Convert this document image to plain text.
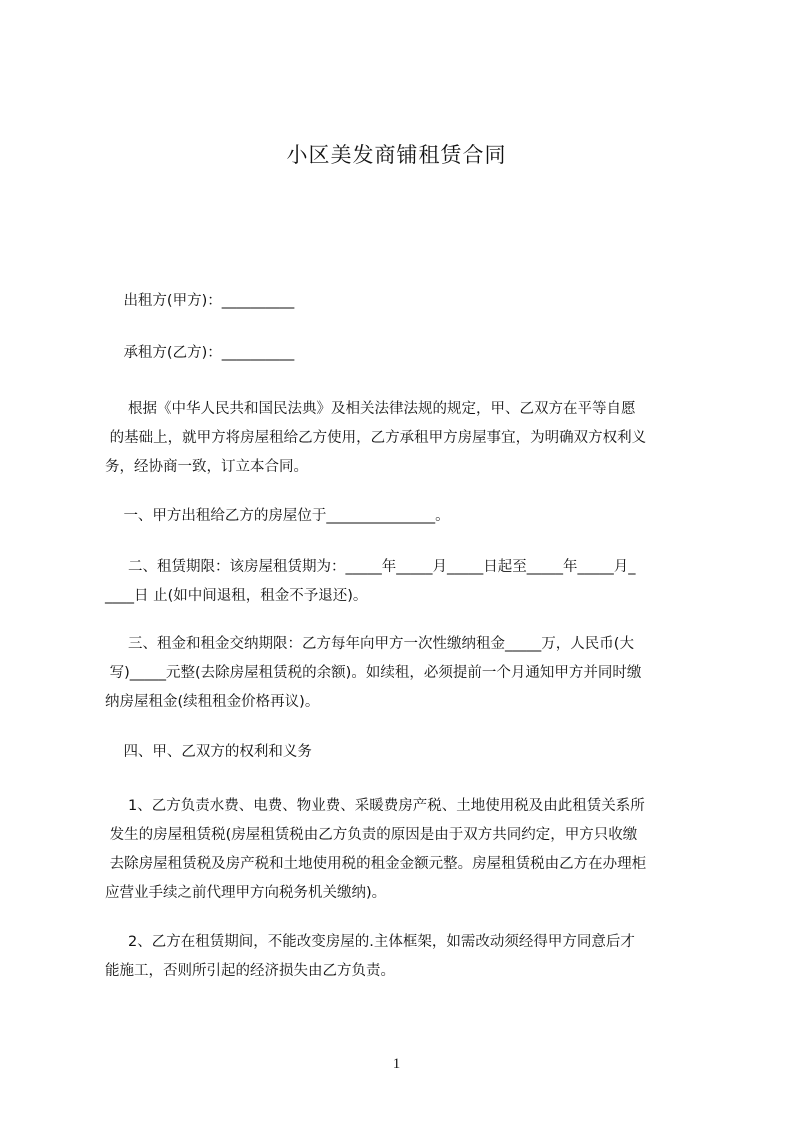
小区美发商铺租赁合同

出租方(甲方)：__________

承租方(乙方)：__________

根据《中华人民共和国民法典》及相关法律法规的规定，甲、乙双方在平等自愿
的基础上，就甲方将房屋租给乙方使用，乙方承租甲方房屋事宜，为明确双方权利义
务，经协商一致，订立本合同。

一、甲方出租给乙方的房屋位于_______________。

二、租赁期限：该房屋租赁期为：_____年_____月_____日起至_____年_____月_
____日 止(如中间退租，租金不予退还)。

三、租金和租金交纳期限：乙方每年向甲方一次性缴纳租金_____万，人民币(大
写)_____元整(去除房屋租赁税的余额)。如续租，必须提前一个月通知甲方并同时缴
纳房屋租金(续租租金价格再议)。

四、甲、乙双方的权利和义务

1、乙方负责水费、电费、物业费、采暖费房产税、土地使用税及由此租赁关系所
发生的房屋租赁税(房屋租赁税由乙方负责的原因是由于双方共同约定，甲方只收缴
去除房屋租赁税及房产税和土地使用税的租金金额元整。房屋租赁税由乙方在办理柜
应营业手续之前代理甲方向税务机关缴纳)。

2、乙方在租赁期间，不能改变房屋的.主体框架，如需改动须经得甲方同意后才
能施工，否则所引起的经济损失由乙方负责。

1
